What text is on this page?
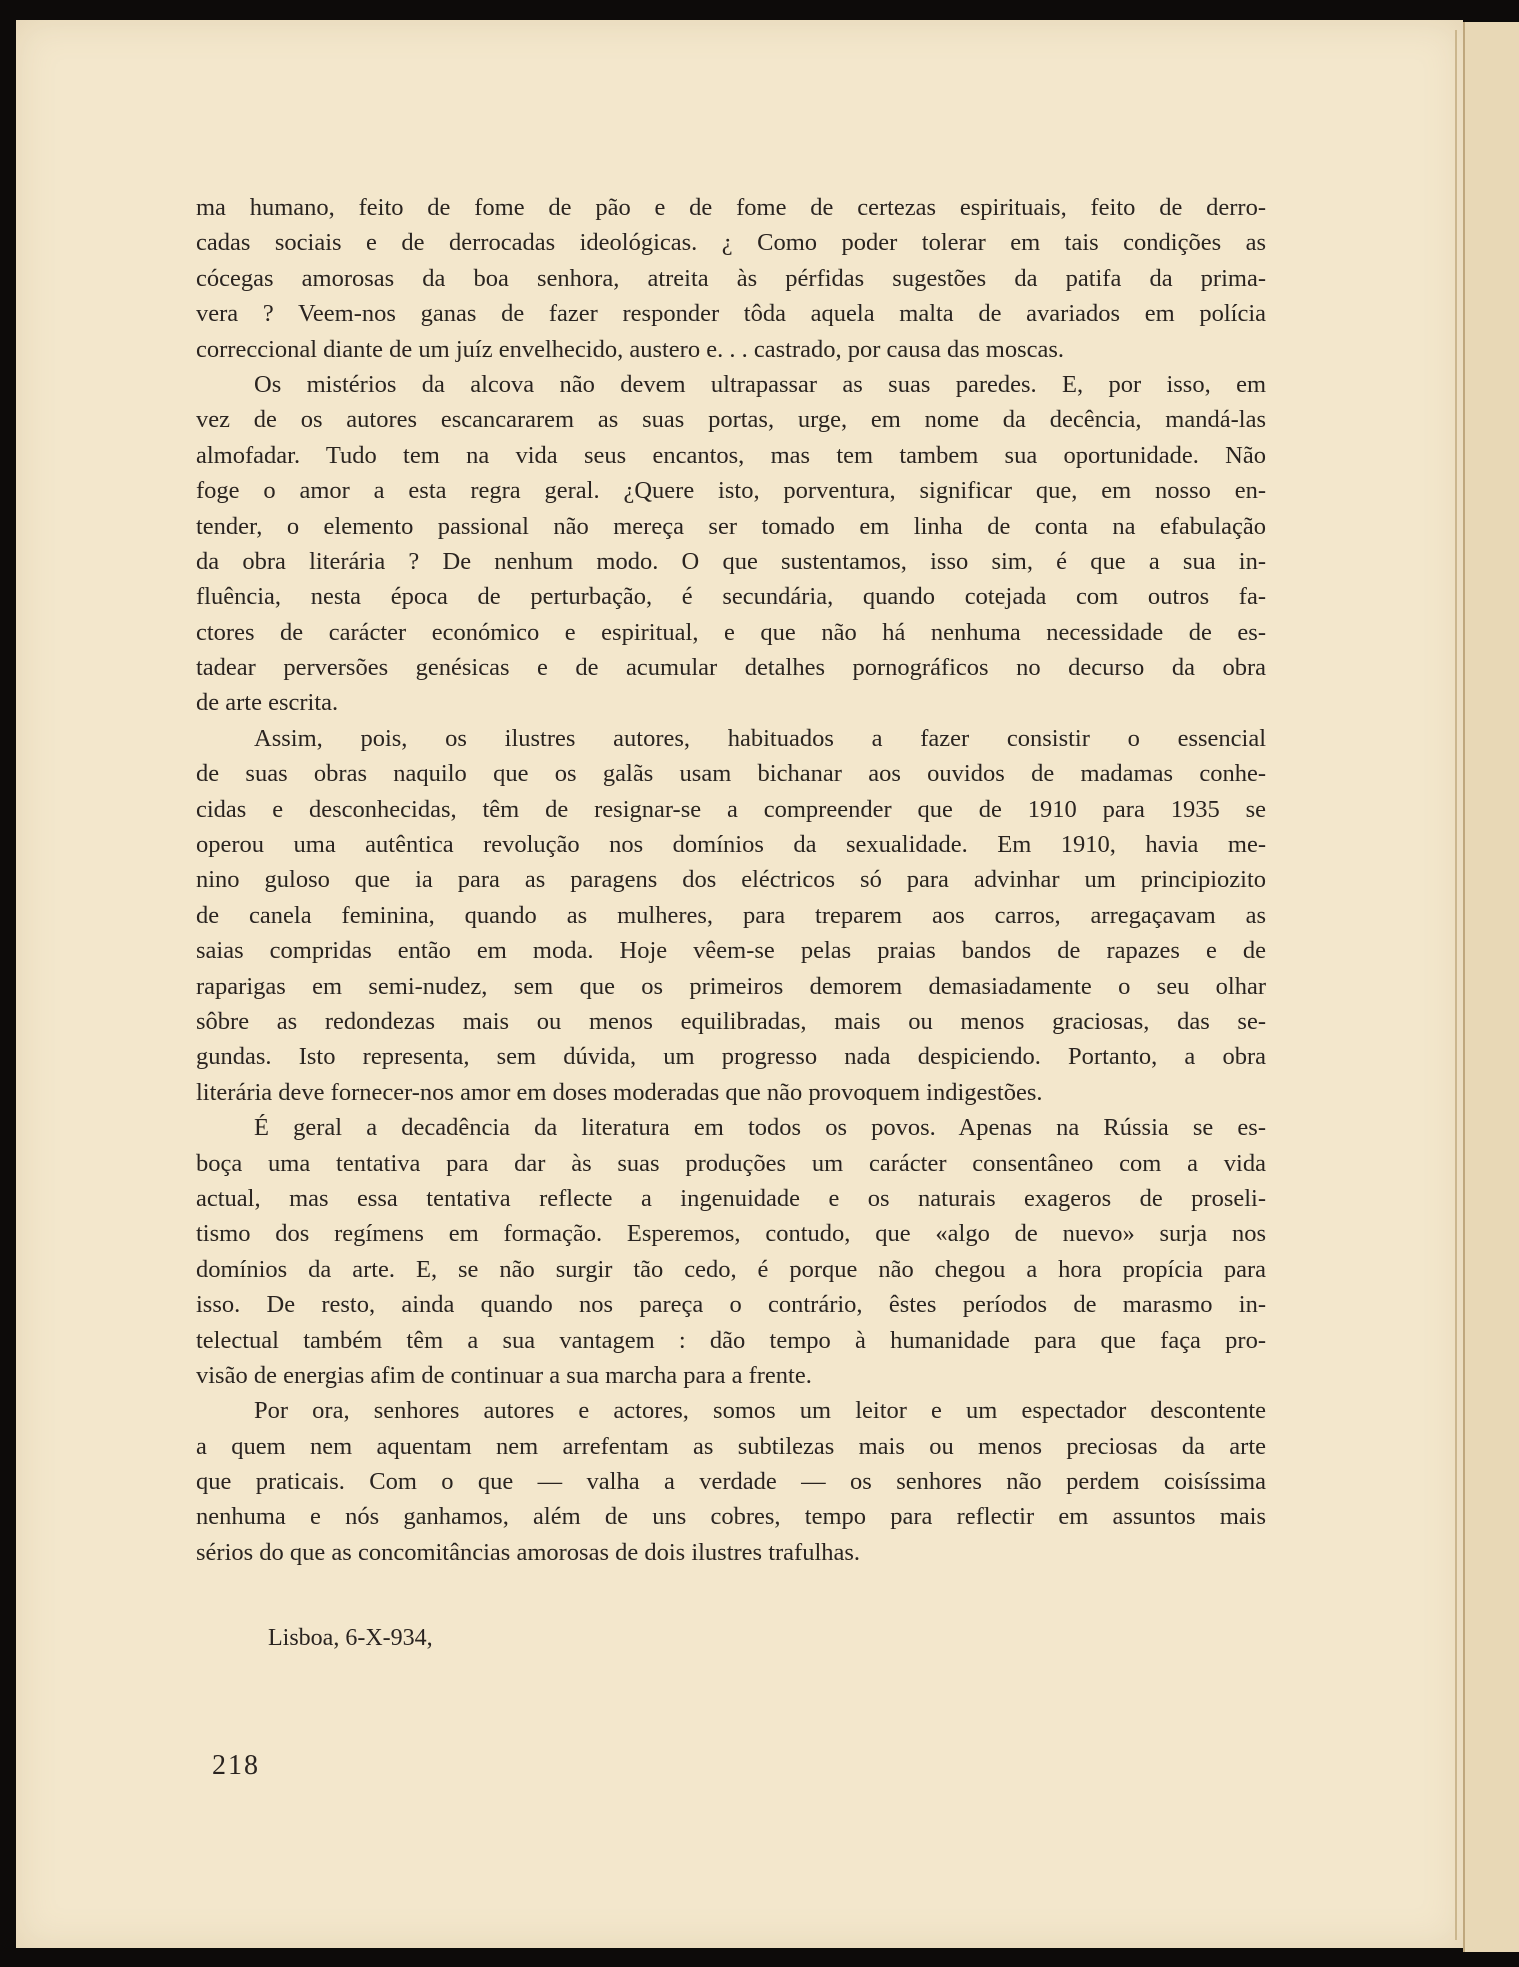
ma humano, feito de fome de pão e de fome de certezas espirituais, feito de derro-
cadas sociais e de derrocadas ideológicas. ¿ Como poder tolerar em tais condições as
cócegas amorosas da boa senhora, atreita às pérfidas sugestões da patifa da prima-
vera ? Veem-nos ganas de fazer responder tôda aquela malta de avariados em polícia
correccional diante de um juíz envelhecido, austero e. . . castrado, por causa das moscas.
Os mistérios da alcova não devem ultrapassar as suas paredes. E, por isso, em
vez de os autores escancararem as suas portas, urge, em nome da decência, mandá-las
almofadar. Tudo tem na vida seus encantos, mas tem tambem sua oportunidade. Não
foge o amor a esta regra geral. ¿Quere isto, porventura, significar que, em nosso en-
tender, o elemento passional não mereça ser tomado em linha de conta na efabulação
da obra literária ? De nenhum modo. O que sustentamos, isso sim, é que a sua in-
fluência, nesta época de perturbação, é secundária, quando cotejada com outros fa-
ctores de carácter económico e espiritual, e que não há nenhuma necessidade de es-
tadear perversões genésicas e de acumular detalhes pornográficos no decurso da obra
de arte escrita.
Assim, pois, os ilustres autores, habituados a fazer consistir o essencial
de suas obras naquilo que os galãs usam bichanar aos ouvidos de madamas conhe-
cidas e desconhecidas, têm de resignar-se a compreender que de 1910 para 1935 se
operou uma autêntica revolução nos domínios da sexualidade. Em 1910, havia me-
nino guloso que ia para as paragens dos eléctricos só para advinhar um principiozito
de canela feminina, quando as mulheres, para treparem aos carros, arregaçavam as
saias compridas então em moda. Hoje vêem-se pelas praias bandos de rapazes e de
raparigas em semi-nudez, sem que os primeiros demorem demasiadamente o seu olhar
sôbre as redondezas mais ou menos equilibradas, mais ou menos graciosas, das se-
gundas. Isto representa, sem dúvida, um progresso nada despiciendo. Portanto, a obra
literária deve fornecer-nos amor em doses moderadas que não provoquem indigestões.
É geral a decadência da literatura em todos os povos. Apenas na Rússia se es-
boça uma tentativa para dar às suas produções um carácter consentâneo com a vida
actual, mas essa tentativa reflecte a ingenuidade e os naturais exageros de proseli-
tismo dos regímens em formação. Esperemos, contudo, que «algo de nuevo» surja nos
domínios da arte. E, se não surgir tão cedo, é porque não chegou a hora propícia para
isso. De resto, ainda quando nos pareça o contrário, êstes períodos de marasmo in-
telectual também têm a sua vantagem : dão tempo à humanidade para que faça pro-
visão de energias afim de continuar a sua marcha para a frente.
Por ora, senhores autores e actores, somos um leitor e um espectador descontente
a quem nem aquentam nem arrefentam as subtilezas mais ou menos preciosas da arte
que praticais. Com o que — valha a verdade — os senhores não perdem coisíssima
nenhuma e nós ganhamos, além de uns cobres, tempo para reflectir em assuntos mais
sérios do que as concomitâncias amorosas de dois ilustres trafulhas.
Lisboa, 6-X-934,
218
